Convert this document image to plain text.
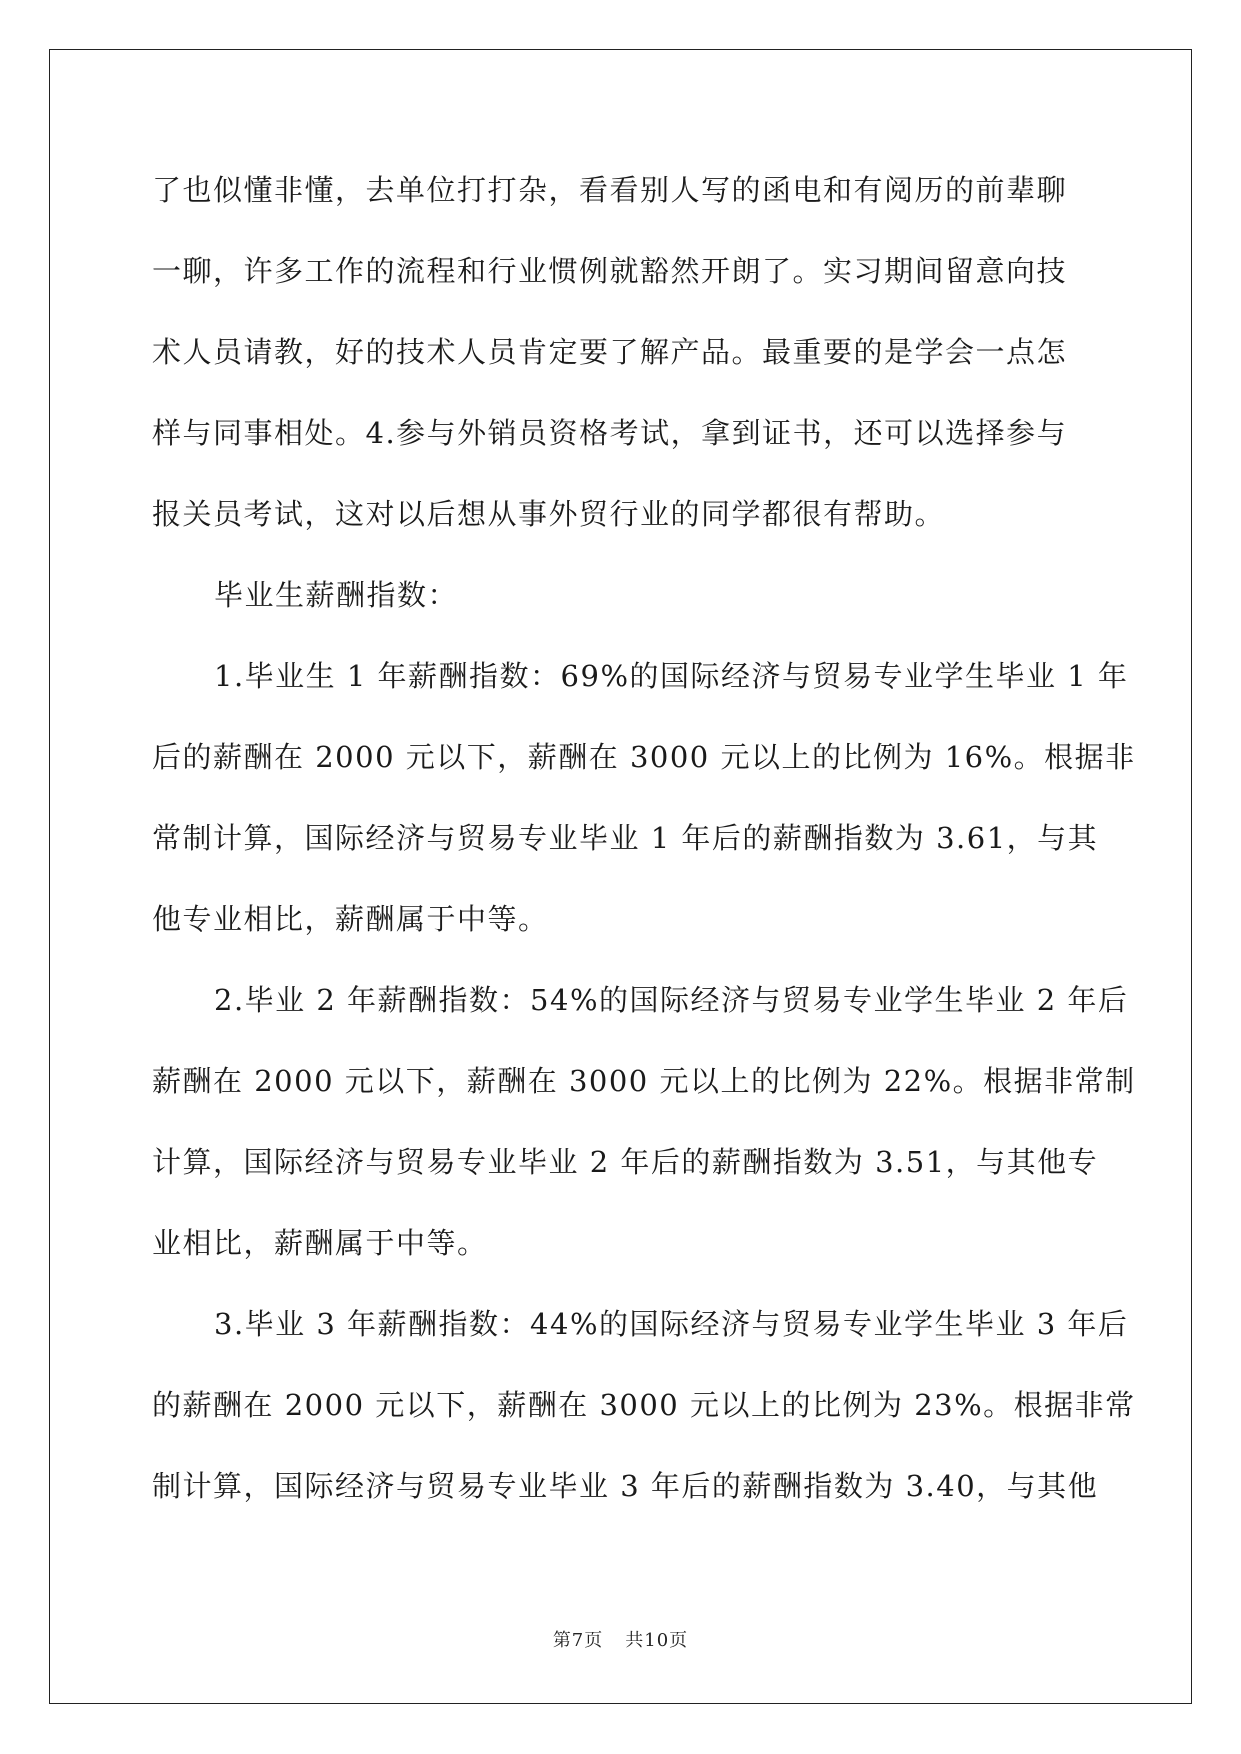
了也似懂非懂，去单位打打杂，看看别人写的函电和有阅历的前辈聊
一聊，许多工作的流程和行业惯例就豁然开朗了。实习期间留意向技
术人员请教，好的技术人员肯定要了解产品。最重要的是学会一点怎
样与同事相处。4.参与外销员资格考试，拿到证书，还可以选择参与
报关员考试，这对以后想从事外贸行业的同学都很有帮助。
毕业生薪酬指数：
1.毕业生 1 年薪酬指数：69%的国际经济与贸易专业学生毕业 1 年
后的薪酬在 2000 元以下，薪酬在 3000 元以上的比例为 16%。根据非
常制计算，国际经济与贸易专业毕业 1 年后的薪酬指数为 3.61，与其
他专业相比，薪酬属于中等。
2.毕业 2 年薪酬指数：54%的国际经济与贸易专业学生毕业 2 年后
薪酬在 2000 元以下，薪酬在 3000 元以上的比例为 22%。根据非常制
计算，国际经济与贸易专业毕业 2 年后的薪酬指数为 3.51，与其他专
业相比，薪酬属于中等。
3.毕业 3 年薪酬指数：44%的国际经济与贸易专业学生毕业 3 年后
的薪酬在 2000 元以下，薪酬在 3000 元以上的比例为 23%。根据非常
制计算，国际经济与贸易专业毕业 3 年后的薪酬指数为 3.40，与其他
第7页 共10页
